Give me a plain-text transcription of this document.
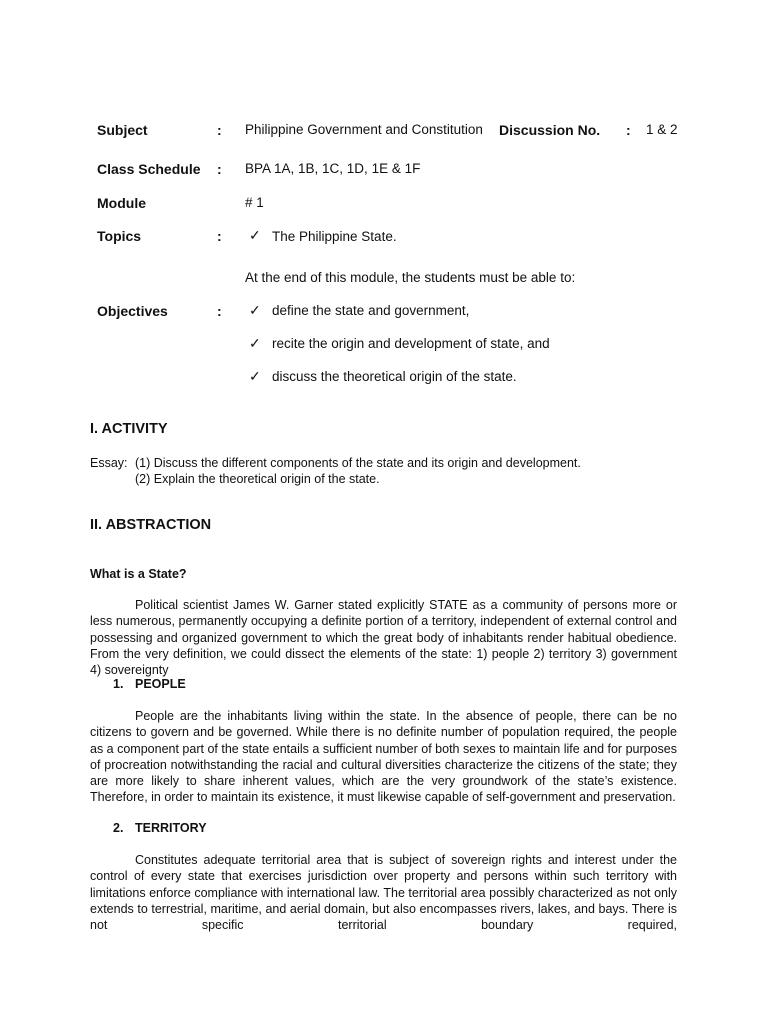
Subject	: Philippine Government and Constitution Discussion No. : 1 & 2
Class Schedule : BPA 1A, 1B, 1C, 1D, 1E & 1F
Module	# 1
Topics	: ✓ The Philippine State.
At the end of this module, the students must be able to:
Objectives	: ✓ define the state and government,
✓ recite the origin and development of state, and
✓ discuss the theoretical origin of the state.
I. ACTIVITY
Essay: (1) Discuss the different components of the state and its origin and development.
(2) Explain the theoretical origin of the state.
II. ABSTRACTION
What is a State?

Political scientist James W. Garner stated explicitly STATE as a community of persons more or less numerous, permanently occupying a definite portion of a territory, independent of external control and possessing and organized government to which the great body of inhabitants render habitual obedience. From the very definition, we could dissect the elements of the state: 1) people 2) territory 3) government 4) sovereignty

1. PEOPLE

People are the inhabitants living within the state. In the absence of people, there can be no citizens to govern and be governed. While there is no definite number of population required, the people as a component part of the state entails a sufficient number of both sexes to maintain life and for purposes of procreation notwithstanding the racial and cultural diversities characterize the citizens of the state; they are more likely to share inherent values, which are the very groundwork of the state’s existence. Therefore, in order to maintain its existence, it must likewise capable of self-government and preservation.

2. TERRITORY

Constitutes adequate territorial area that is subject of sovereign rights and interest under the control of every state that exercises jurisdiction over property and persons within such territory with limitations enforce compliance with international law. The territorial area possibly characterized as not only extends to terrestrial, maritime, and aerial domain, but also encompasses rivers, lakes, and bays. There is not specific territorial boundary required,
